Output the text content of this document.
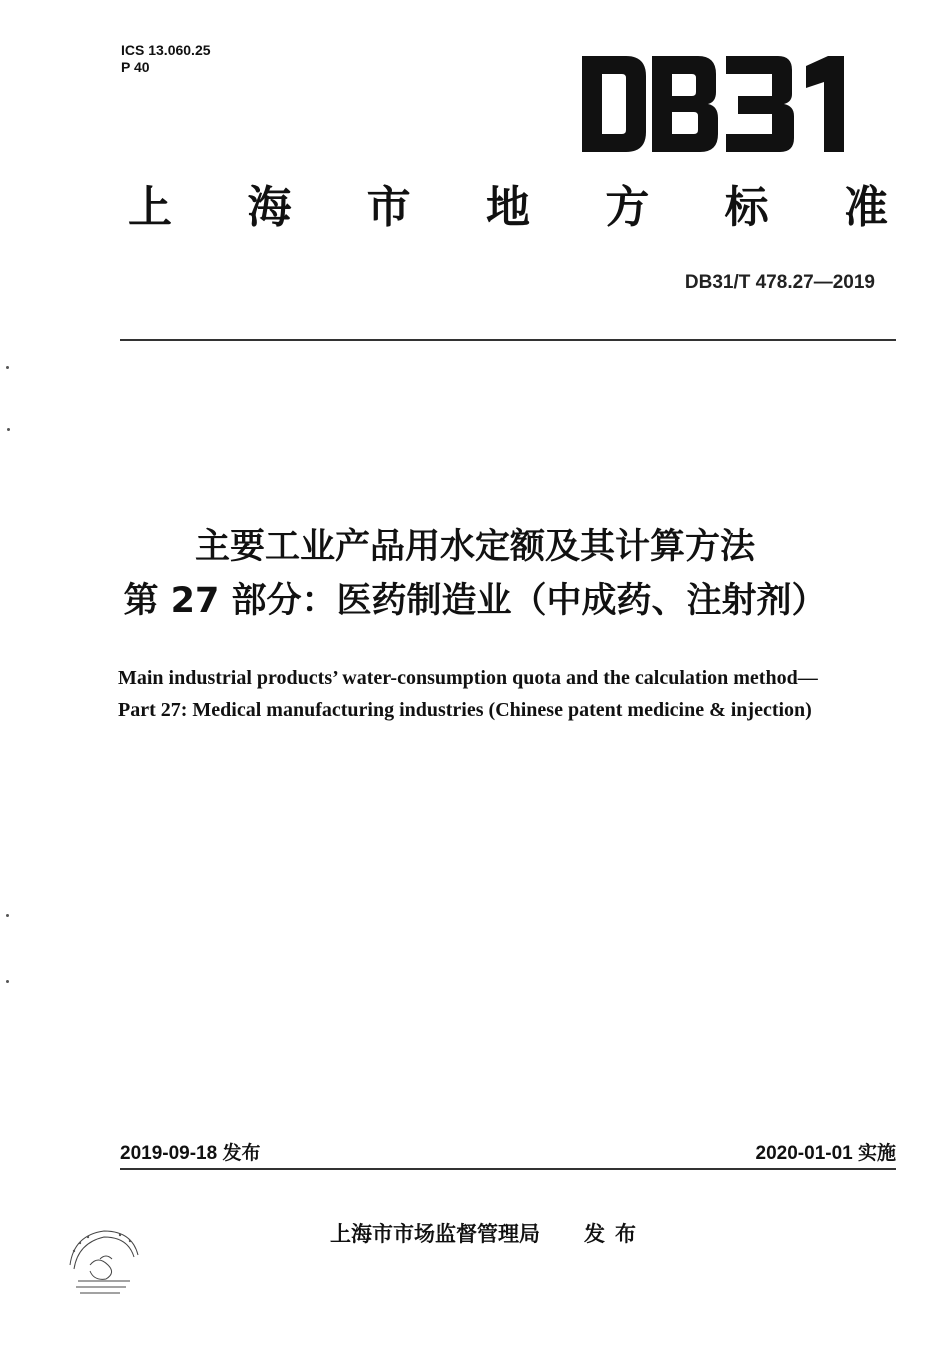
ICS 13.060.25
P 40
上 海 市 地 方 标 准
DB31/T 478.27—2019
主要工业产品用水定额及其计算方法
第 27 部分：医药制造业（中成药、注射剂）
Main industrial products’ water-consumption quota and the calculation method—
Part 27: Medical manufacturing industries (Chinese patent medicine & injection)
2019-09-18 发布	2020-01-01 实施
上海市市场监督管理局 发布
